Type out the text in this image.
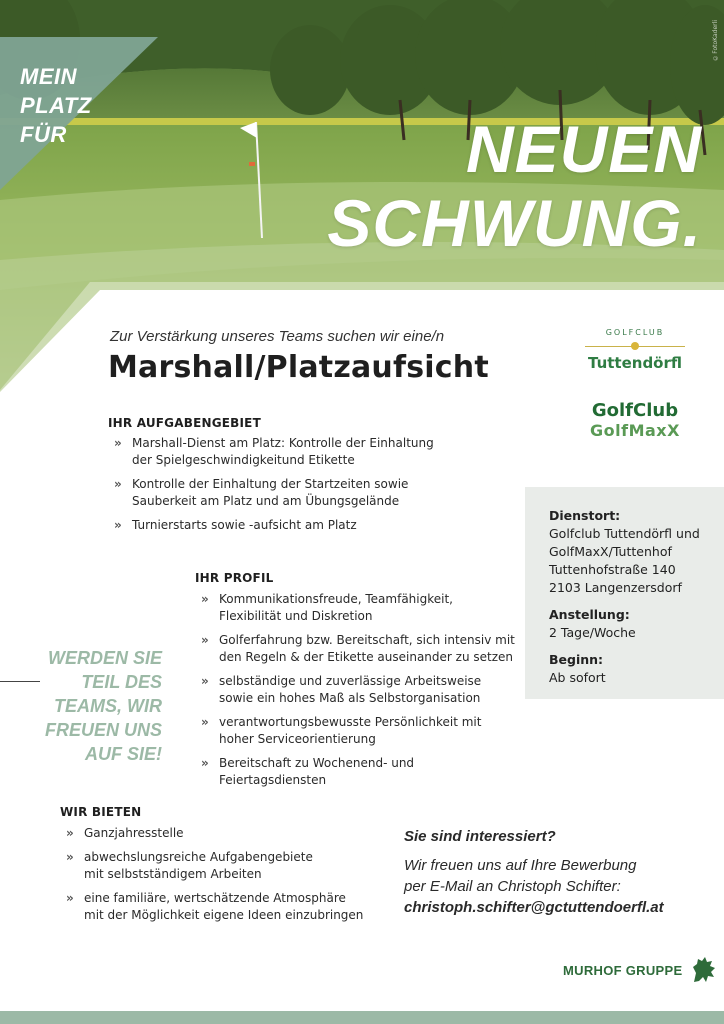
MEIN
PLATZ
FÜR	NEUEN
SCHWUNG.
©FotoKaderli
Zur Verstärkung unseres Teams suchen wir eine/n
Marshall/Platzaufsicht
GOLFCLUB
Tuttendörfl
GolfClub
GolfMaxX
IHR AUFGABENGEBIET
» Marshall-Dienst am Platz: Kontrolle der Einhaltung
der Spielgeschwindigkeitund Etikette
» Kontrolle der Einhaltung der Startzeiten sowie
Sauberkeit am Platz und am Übungsgelände
» Turnierstarts sowie -aufsicht am Platz
Dienstort:
Golfclub Tuttendörfl und
GolfMaxX/Tuttenhof
Tuttenhofstraße 140
2103 Langenzersdorf
Anstellung:
2 Tage/Woche
Beginn:
Ab sofort
IHR PROFIL
» Kommunikationsfreude, Teamfähigkeit,
Flexibilität und Diskretion
» Golferfahrung bzw. Bereitschaft, sich intensiv mit
den Regeln & der Etikette auseinander zu setzen
» selbständige und zuverlässige Arbeitsweise
sowie ein hohes Maß als Selbstorganisation
» verantwortungsbewusste Persönlichkeit mit
hoher Serviceorientierung
» Bereitschaft zu Wochenend- und Feiertagsdiensten
WERDEN SIE
TEIL DES
TEAMS, WIR
FREUEN UNS
AUF SIE!
WIR BIETEN
» Ganzjahresstelle
» abwechslungsreiche Aufgabengebiete
mit selbstständigem Arbeiten
» eine familiäre, wertschätzende Atmosphäre
mit der Möglichkeit eigene Ideen einzubringen
Sie sind interessiert?
Wir freuen uns auf Ihre Bewerbung
per E-Mail an Christoph Schifter:
christoph.schifter@gctuttendoerfl.at
MURHOF GRUPPE
